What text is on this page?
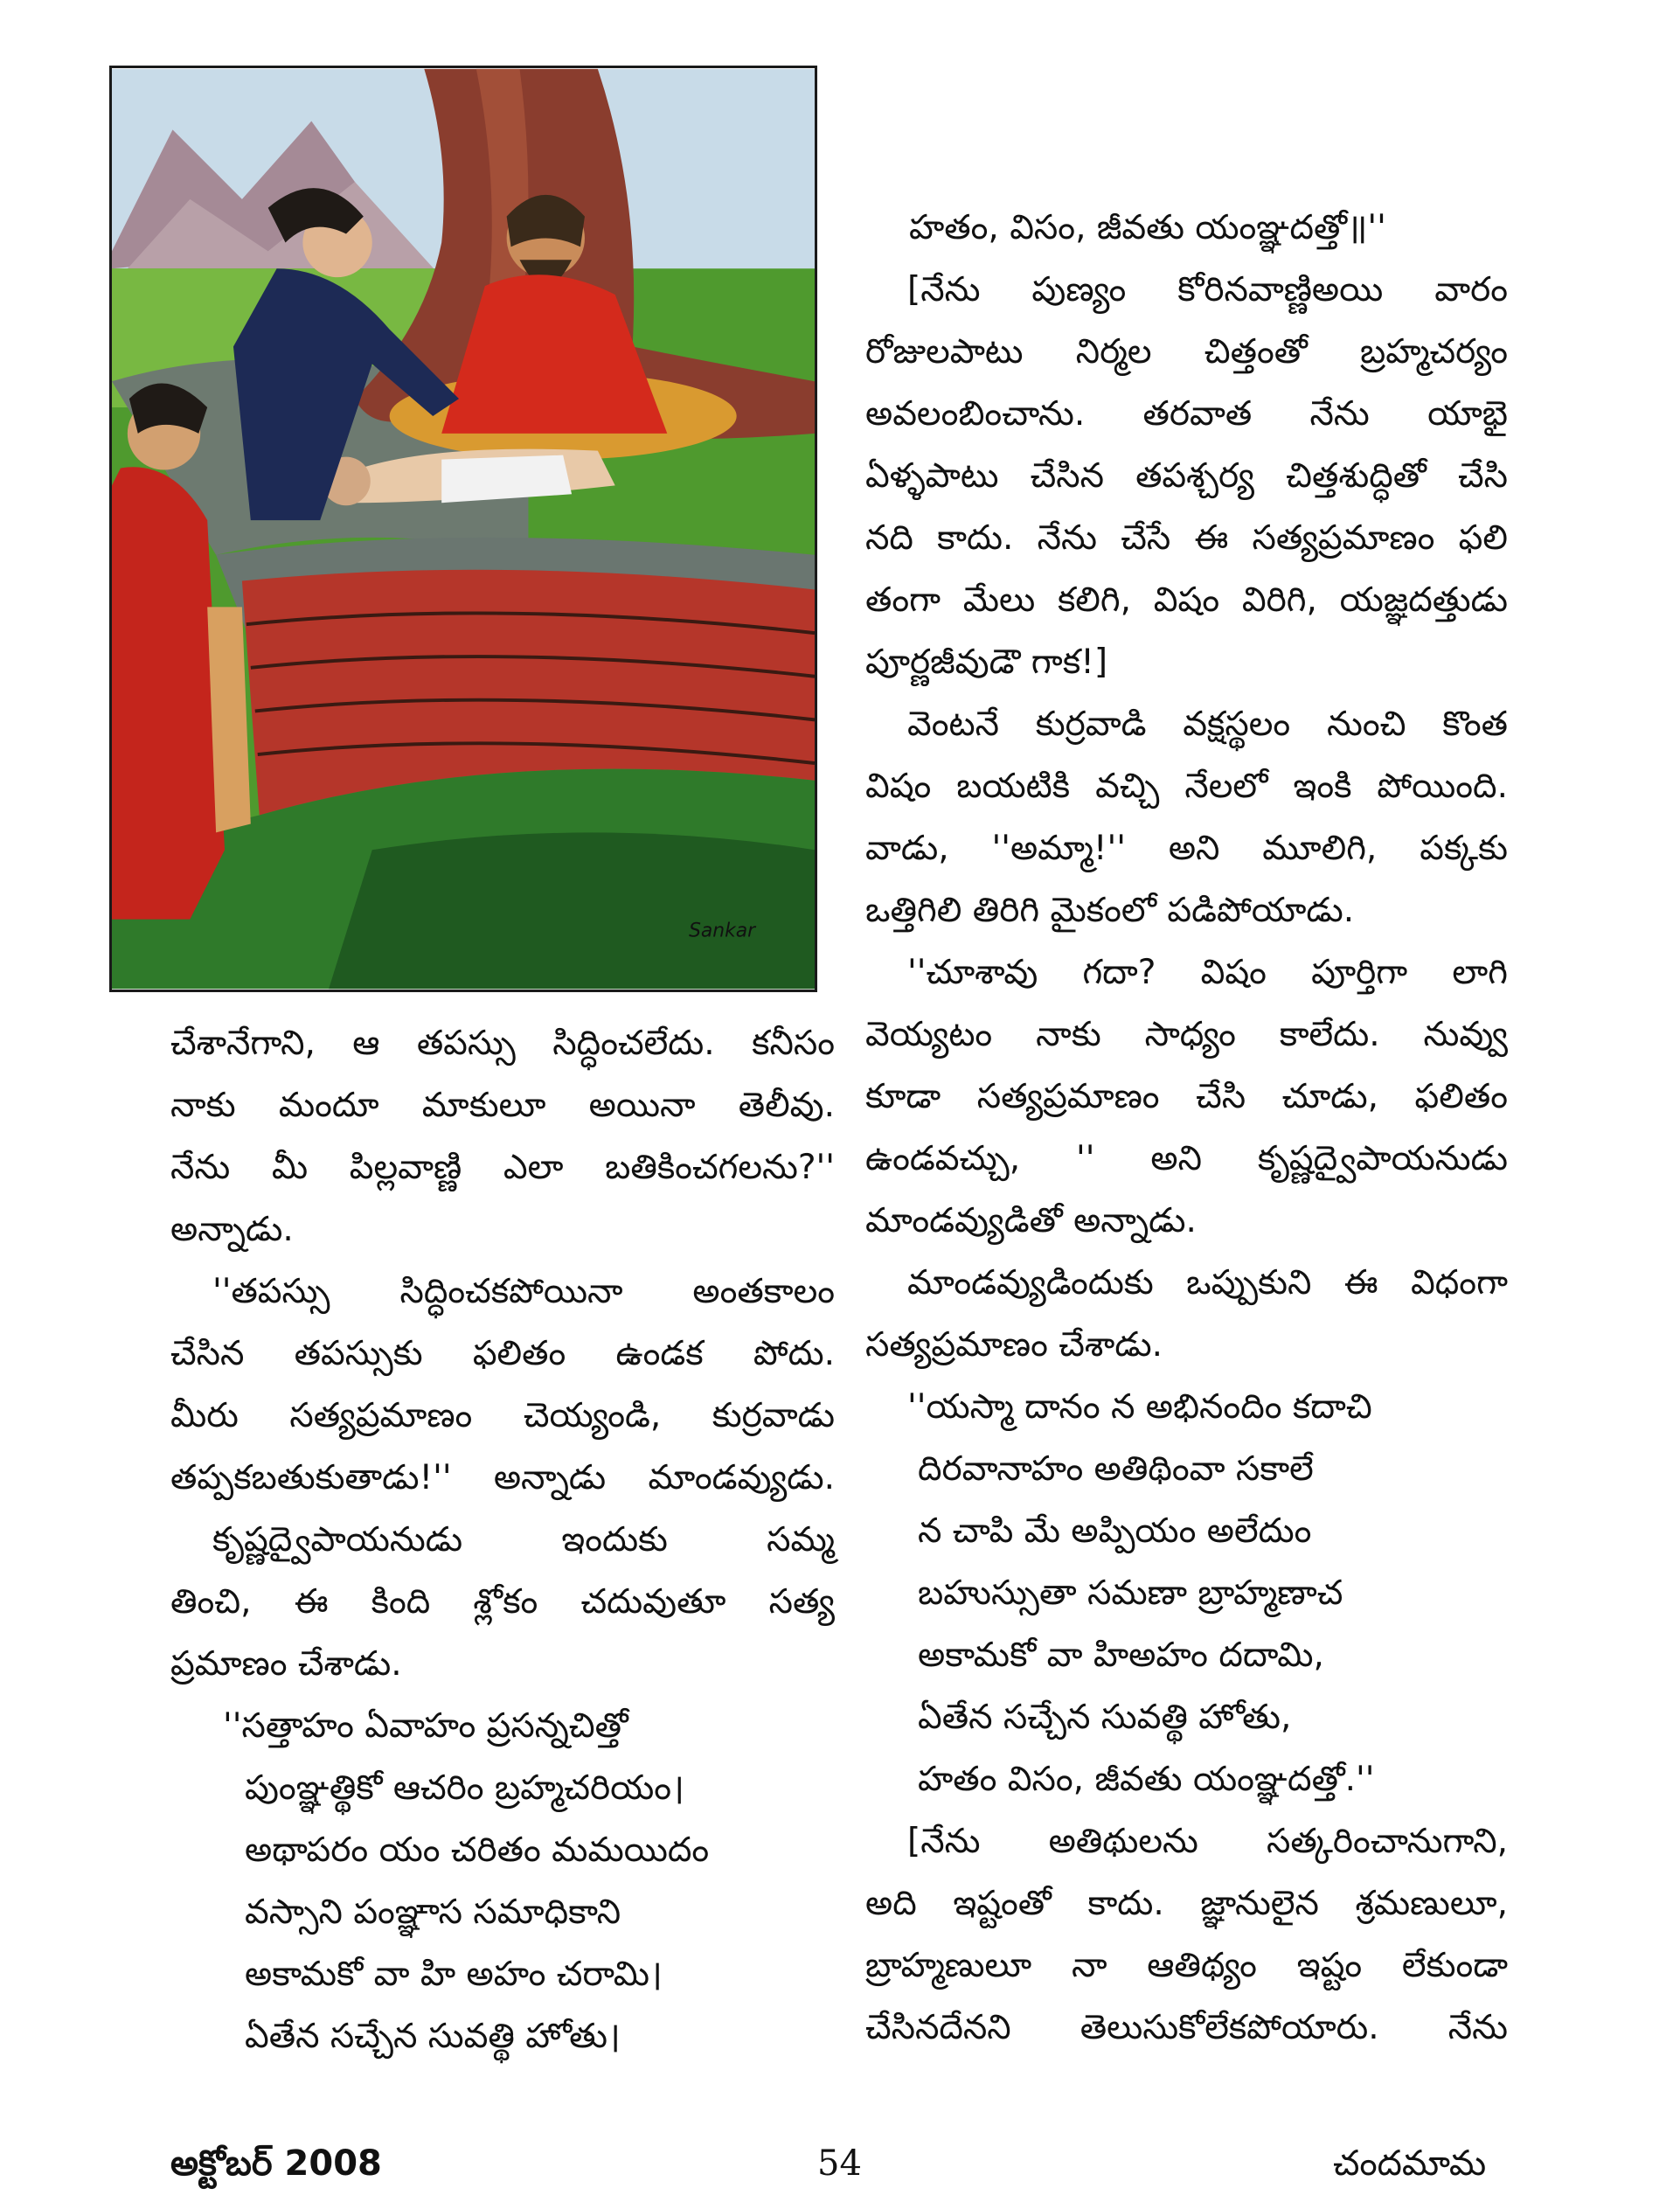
Sankar

చేశానేగాని, ఆ తపస్సు సిద్ధించలేదు. కనీసం
నాకు మందూ మాకులూ అయినా తెలీవు.
నేను మీ పిల్లవాణ్ణి ఎలా బతికించగలను?''
అన్నాడు.

''తపస్సు సిద్ధించకపోయినా అంతకాలం
చేసిన తపస్సుకు ఫలితం ఉండక పోదు.
మీరు సత్యప్రమాణం చెయ్యండి, కుర్రవాడు
తప్పకబతుకుతాడు!'' అన్నాడు మాండవ్యుడు.

కృష్ణద్వైపాయనుడు ఇందుకు సమ్మ
తించి, ఈ కింది శ్లోకం చదువుతూ సత్య
ప్రమాణం చేశాడు.

''సత్తాహం ఏవాహం ప్రసన్నచిత్తో
పుంఞ్ఞత్థికో ఆచరిం బ్రహ్మచరియం।
అథాపరం యం చరితం మమయిదం
వస్సాని పంఞ్ఞాస సమాధికాని
అకామకో వా హి అహం చరామి।
ఏతేన సచ్చేన సువత్థి హోతు।

హతం, విసం, జీవతు యంఞ్ఞదత్తో॥''

[నేను పుణ్యం కోరినవాణ్ణిఅయి వారం
రోజులపాటు నిర్మల చిత్తంతో బ్రహ్మచర్యం
అవలంబించాను. తరవాత నేను యాభై
ఏళ్ళపాటు చేసిన తపశ్చర్య చిత్తశుద్ధితో చేసి
నది కాదు. నేను చేసే ఈ సత్యప్రమాణం ఫలి
తంగా మేలు కలిగి, విషం విరిగి, యజ్ఞదత్తుడు
పూర్ణజీవుడౌ గాక!]

వెంటనే కుర్రవాడి వక్షస్థలం నుంచి కొంత
విషం బయటికి వచ్చి నేలలో ఇంకి పోయింది.
వాడు, ''అమ్మా!'' అని మూలిగి, పక్కకు
ఒత్తిగిలి తిరిగి మైకంలో పడిపోయాడు.

''చూశావు గదా? విషం పూర్తిగా లాగి
వెయ్యటం నాకు సాధ్యం కాలేదు. నువ్వు
కూడా సత్యప్రమాణం చేసి చూడు, ఫలితం
ఉండవచ్చు, '' అని కృష్ణద్వైపాయనుడు
మాండవ్యుడితో అన్నాడు.

మాండవ్యుడిందుకు ఒప్పుకుని ఈ విధంగా
సత్యప్రమాణం చేశాడు.

''యస్మా దానం న అభినందిం కదాచి
దిరవానాహం అతిథింవా సకాలే
న చాపి మే అప్పియం అలేదుం
బహుస్సుతా సమణా బ్రాహ్మణాచ
అకామకో వా హిఅహం దదామి,
ఏతేన సచ్చేన సువత్థి హోతు,
హతం విసం, జీవతు యంఞ్ఞదత్తో.''

[నేను అతిథులను సత్కరించానుగాని,
అది ఇష్టంతో కాదు. జ్ఞానులైన శ్రమణులూ,
బ్రాహ్మణులూ నా ఆతిథ్యం ఇష్టం లేకుండా
చేసినదేనని తెలుసుకోలేకపోయారు. నేను

అక్టోబర్ 2008	54	చందమామ
